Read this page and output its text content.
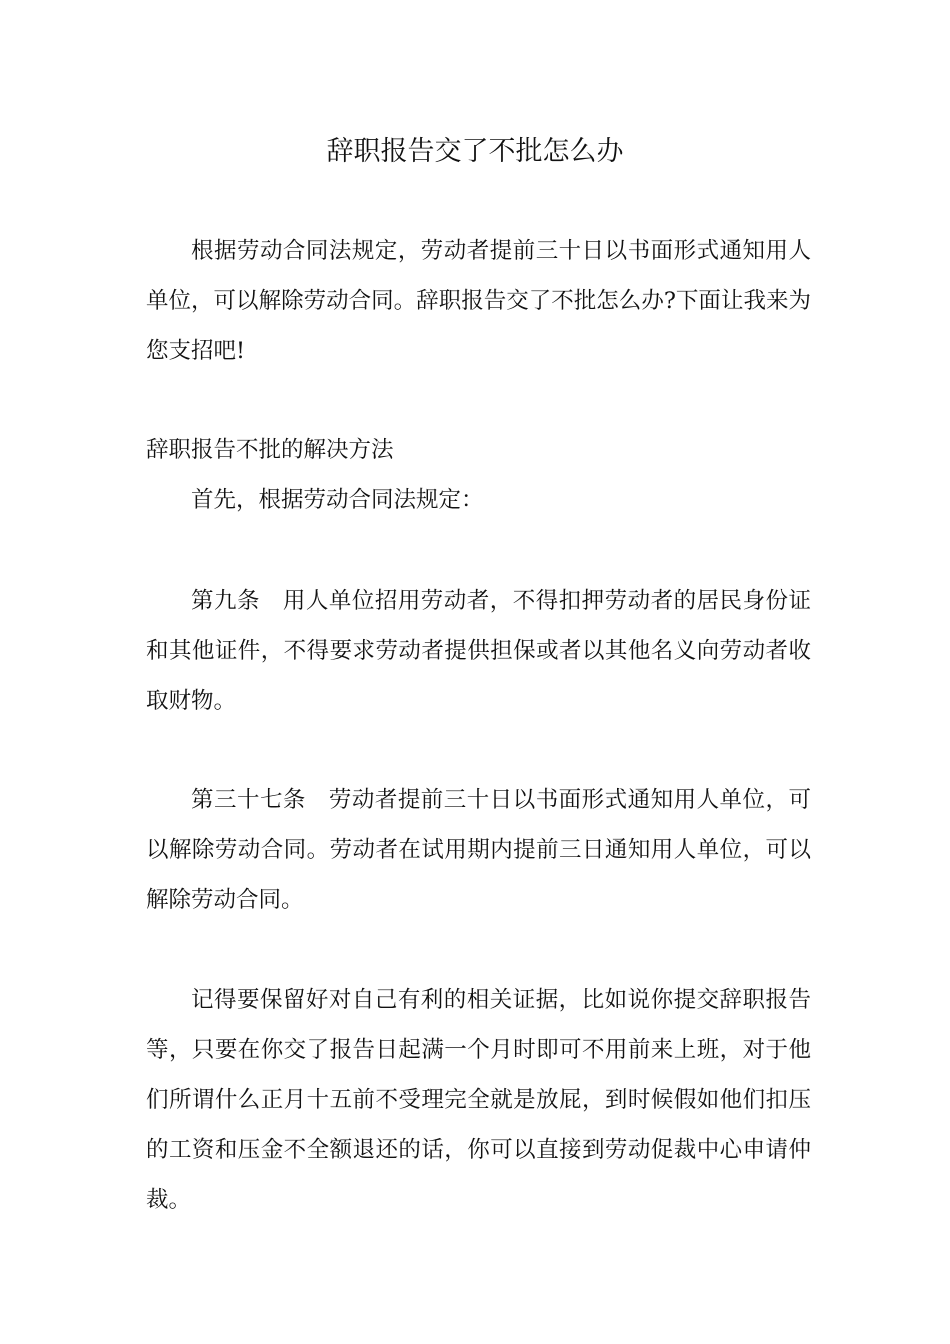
辞职报告交了不批怎么办

根据劳动合同法规定，劳动者提前三十日以书面形式通知用人单位，可以解除劳动合同。辞职报告交了不批怎么办?下面让我来为您支招吧!

辞职报告不批的解决方法

首先，根据劳动合同法规定：

第九条　用人单位招用劳动者，不得扣押劳动者的居民身份证和其他证件，不得要求劳动者提供担保或者以其他名义向劳动者收取财物。

第三十七条　劳动者提前三十日以书面形式通知用人单位，可以解除劳动合同。劳动者在试用期内提前三日通知用人单位，可以解除劳动合同。

记得要保留好对自己有利的相关证据，比如说你提交辞职报告等，只要在你交了报告日起满一个月时即可不用前来上班，对于他们所谓什么正月十五前不受理完全就是放屁，到时候假如他们扣压的工资和压金不全额退还的话，你可以直接到劳动促裁中心申请仲裁。
